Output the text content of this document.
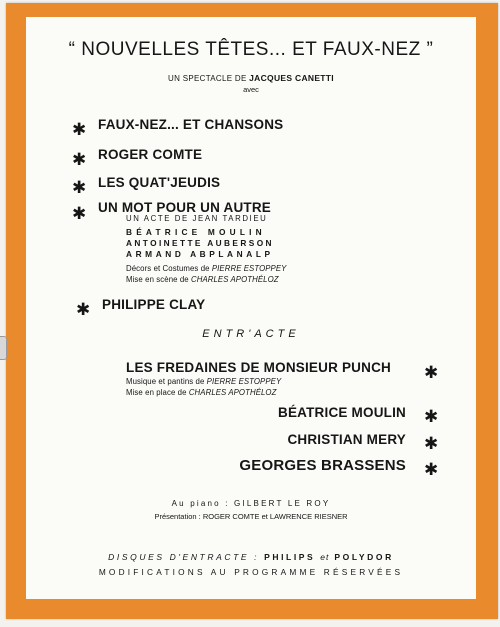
“ NOUVELLES TÊTES... ET FAUX-NEZ ”
UN SPECTACLE DE JACQUES CANETTI
avec
✱ FAUX-NEZ... ET CHANSONS
✱ ROGER COMTE
✱ LES QUAT'JEUDIS
✱ UN MOT POUR UN AUTRE
UN ACTE DE JEAN TARDIEU
BÉATRICE MOULIN
ANTOINETTE AUBERSON
ARMAND ABPLANALP
Décors et Costumes de PIERRE ESTOPPEY
Mise en scène de CHARLES APOTHÉLOZ
✱ PHILIPPE CLAY
ENTR'ACTE
LES FREDAINES DE MONSIEUR PUNCH ✱
Musique et pantins de PIERRE ESTOPPEY
Mise en place de CHARLES APOTHÉLOZ
BÉATRICE MOULIN ✱
CHRISTIAN MERY ✱
GEORGES BRASSENS ✱
Au piano : GILBERT LE ROY
Présentation : ROGER COMTE et LAWRENCE RIESNER
DISQUES D'ENTRACTE : PHILIPS et POLYDOR
MODIFICATIONS AU PROGRAMME RÉSERVÉES
